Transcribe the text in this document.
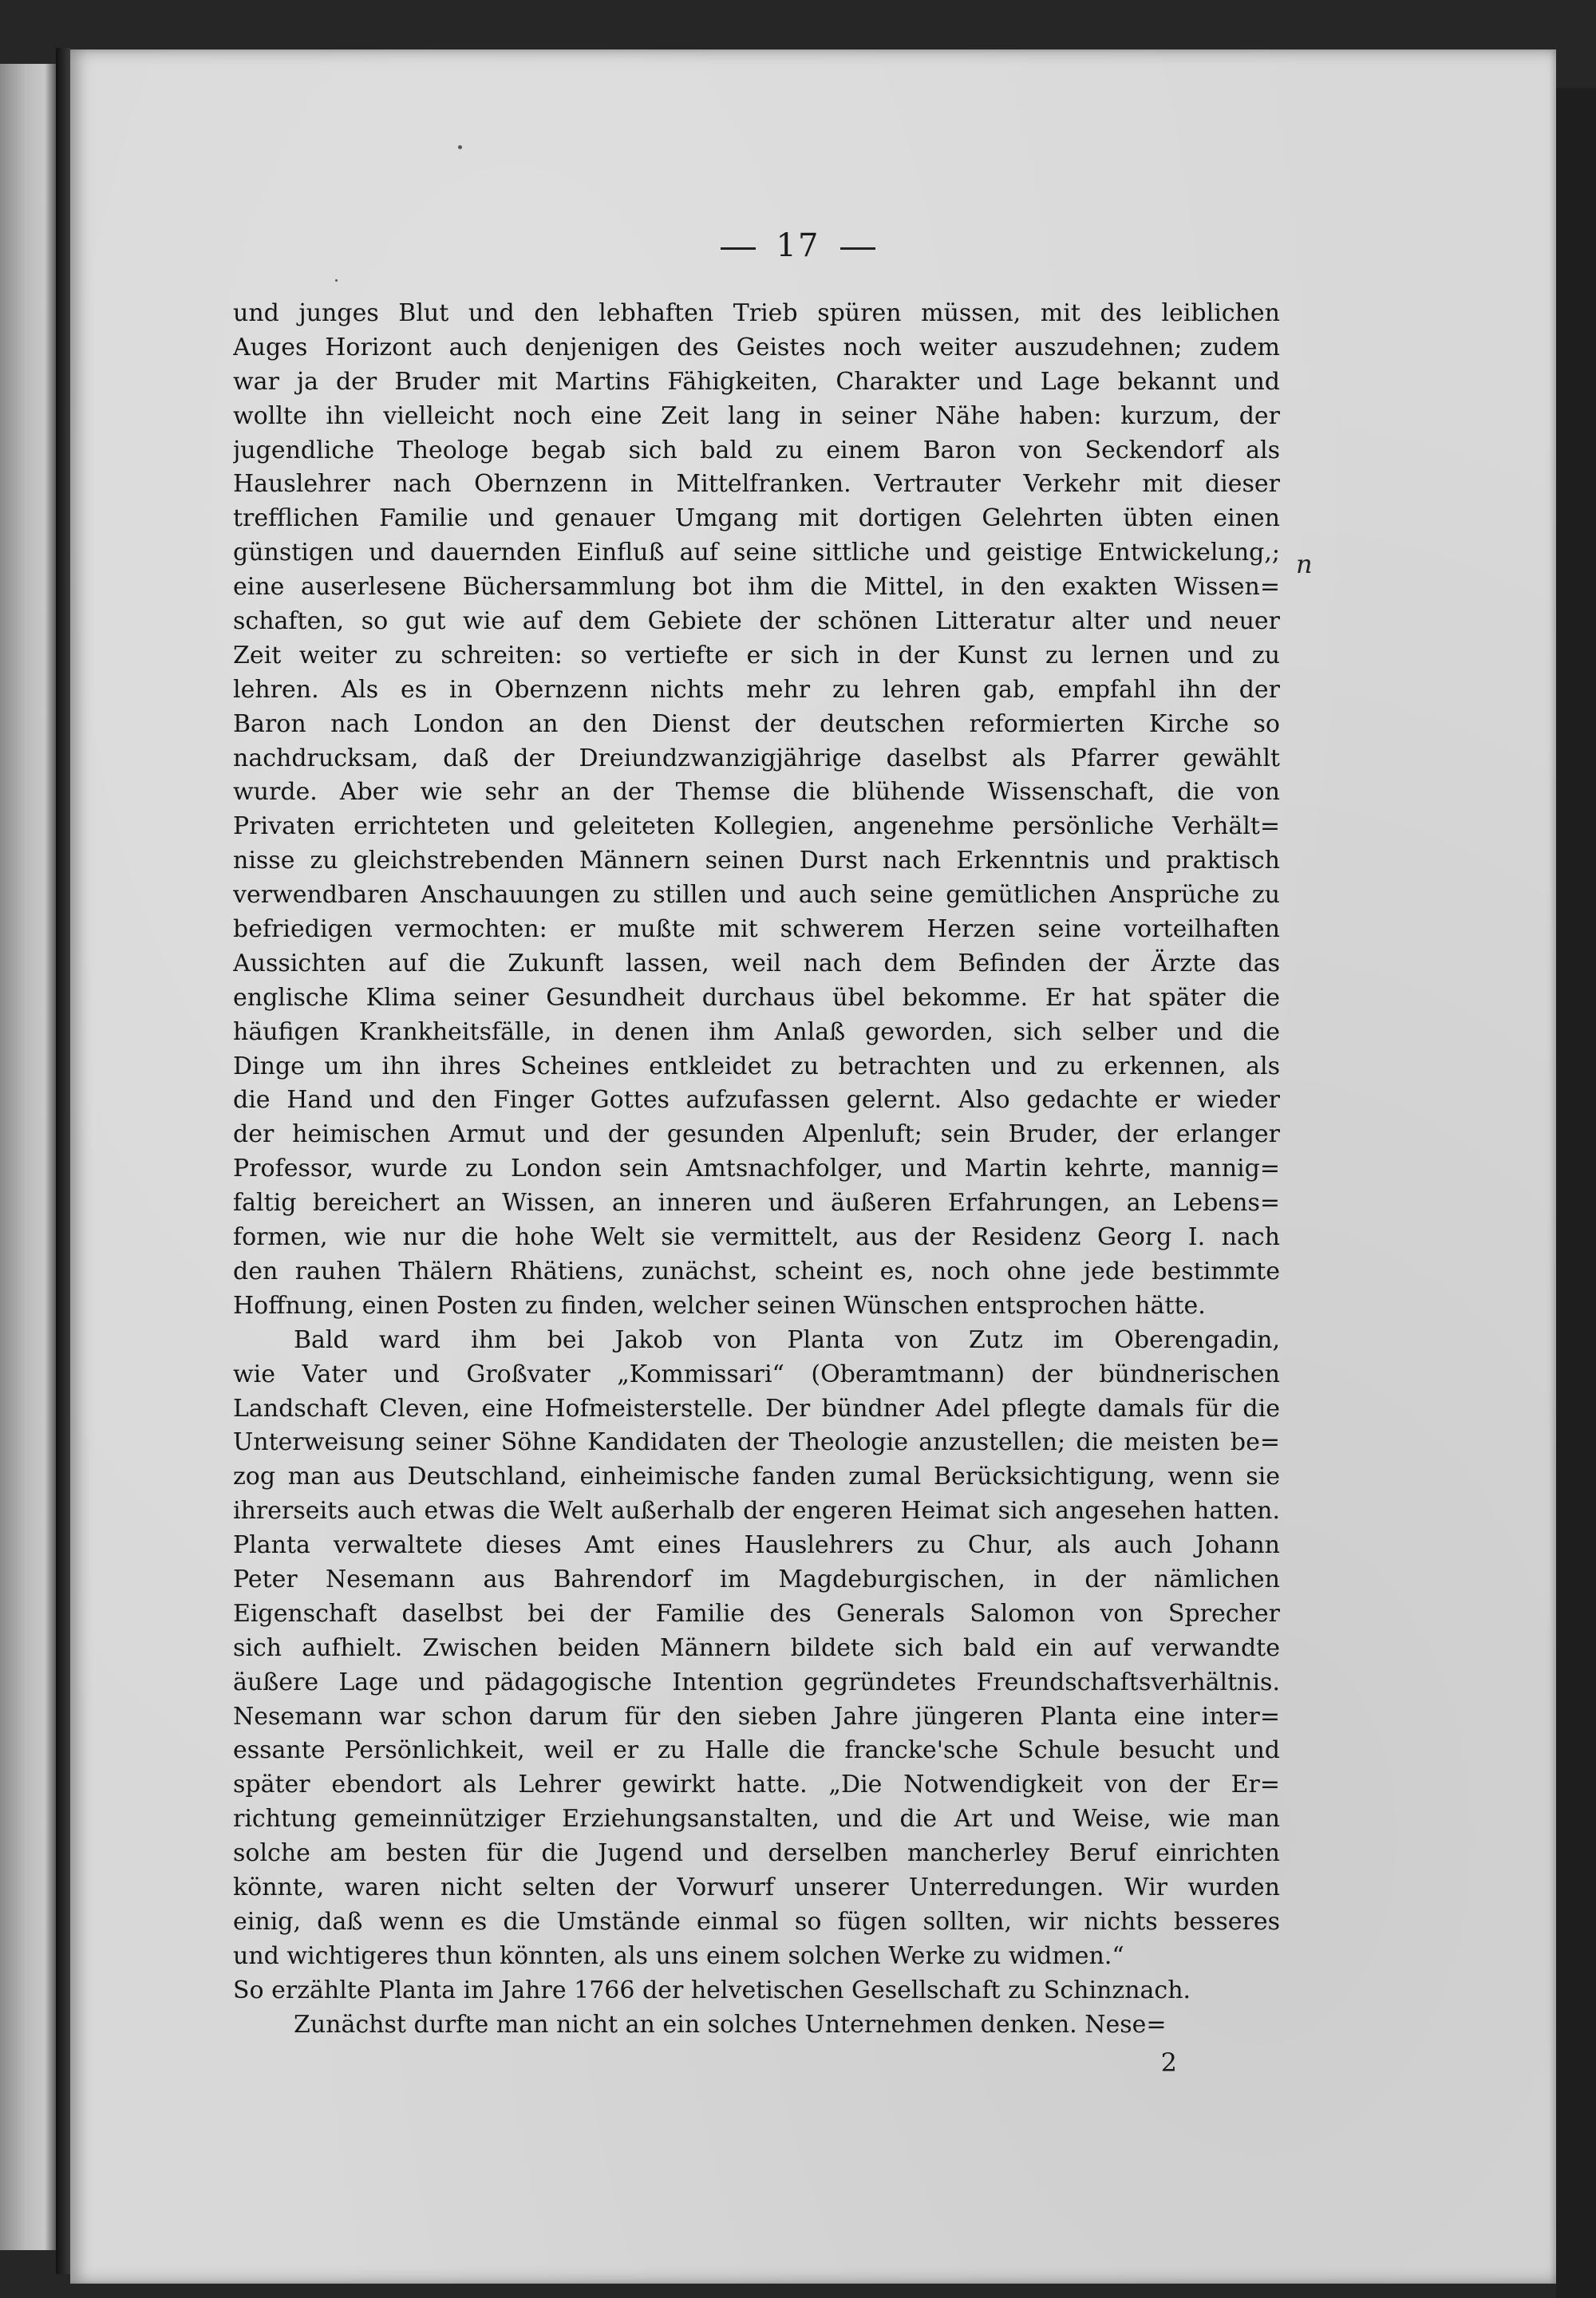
17
und junges Blut und den lebhaften Trieb spüren müssen, mit des leiblichen
Auges Horizont auch denjenigen des Geistes noch weiter auszudehnen; zudem
war ja der Bruder mit Martins Fähigkeiten, Charakter und Lage bekannt und
wollte ihn vielleicht noch eine Zeit lang in seiner Nähe haben: kurzum, der
jugendliche Theologe begab sich bald zu einem Baron von Seckendorf als
Hauslehrer nach Obernzenn in Mittelfranken. Vertrauter Verkehr mit dieser
trefflichen Familie und genauer Umgang mit dortigen Gelehrten übten einen
günstigen und dauernden Einfluß auf seine sittliche und geistige Entwickelung,;
eine auserlesene Büchersammlung bot ihm die Mittel, in den exakten Wissen=
schaften, so gut wie auf dem Gebiete der schönen Litteratur alter und neuer
Zeit weiter zu schreiten: so vertiefte er sich in der Kunst zu lernen und zu
lehren. Als es in Obernzenn nichts mehr zu lehren gab, empfahl ihn der
Baron nach London an den Dienst der deutschen reformierten Kirche so
nachdrucksam, daß der Dreiundzwanzigjährige daselbst als Pfarrer gewählt
wurde. Aber wie sehr an der Themse die blühende Wissenschaft, die von
Privaten errichteten und geleiteten Kollegien, angenehme persönliche Verhält=
nisse zu gleichstrebenden Männern seinen Durst nach Erkenntnis und praktisch
verwendbaren Anschauungen zu stillen und auch seine gemütlichen Ansprüche zu
befriedigen vermochten: er mußte mit schwerem Herzen seine vorteilhaften
Aussichten auf die Zukunft lassen, weil nach dem Befinden der Ärzte das
englische Klima seiner Gesundheit durchaus übel bekomme. Er hat später die
häufigen Krankheitsfälle, in denen ihm Anlaß geworden, sich selber und die
Dinge um ihn ihres Scheines entkleidet zu betrachten und zu erkennen, als
die Hand und den Finger Gottes aufzufassen gelernt. Also gedachte er wieder
der heimischen Armut und der gesunden Alpenluft; sein Bruder, der erlanger
Professor, wurde zu London sein Amtsnachfolger, und Martin kehrte, mannig=
faltig bereichert an Wissen, an inneren und äußeren Erfahrungen, an Lebens=
formen, wie nur die hohe Welt sie vermittelt, aus der Residenz Georg I. nach
den rauhen Thälern Rhätiens, zunächst, scheint es, noch ohne jede bestimmte
Hoffnung, einen Posten zu finden, welcher seinen Wünschen entsprochen hätte.
Bald ward ihm bei Jakob von Planta von Zutz im Oberengadin,
wie Vater und Großvater „Kommissari“ (Oberamtmann) der bündnerischen
Landschaft Cleven, eine Hofmeisterstelle. Der bündner Adel pflegte damals für die
Unterweisung seiner Söhne Kandidaten der Theologie anzustellen; die meisten be=
zog man aus Deutschland, einheimische fanden zumal Berücksichtigung, wenn sie
ihrerseits auch etwas die Welt außerhalb der engeren Heimat sich angesehen hatten.
Planta verwaltete dieses Amt eines Hauslehrers zu Chur, als auch Johann
Peter Nesemann aus Bahrendorf im Magdeburgischen, in der nämlichen
Eigenschaft daselbst bei der Familie des Generals Salomon von Sprecher
sich aufhielt. Zwischen beiden Männern bildete sich bald ein auf verwandte
äußere Lage und pädagogische Intention gegründetes Freundschaftsverhältnis.
Nesemann war schon darum für den sieben Jahre jüngeren Planta eine inter=
essante Persönlichkeit, weil er zu Halle die francke'sche Schule besucht und
später ebendort als Lehrer gewirkt hatte. „Die Notwendigkeit von der Er=
richtung gemeinnütziger Erziehungsanstalten, und die Art und Weise, wie man
solche am besten für die Jugend und derselben mancherley Beruf einrichten
könnte, waren nicht selten der Vorwurf unserer Unterredungen. Wir wurden
einig, daß wenn es die Umstände einmal so fügen sollten, wir nichts besseres
und wichtigeres thun könnten, als uns einem solchen Werke zu widmen.“
So erzählte Planta im Jahre 1766 der helvetischen Gesellschaft zu Schinznach.
Zunächst durfte man nicht an ein solches Unternehmen denken. Nese=
n
2
